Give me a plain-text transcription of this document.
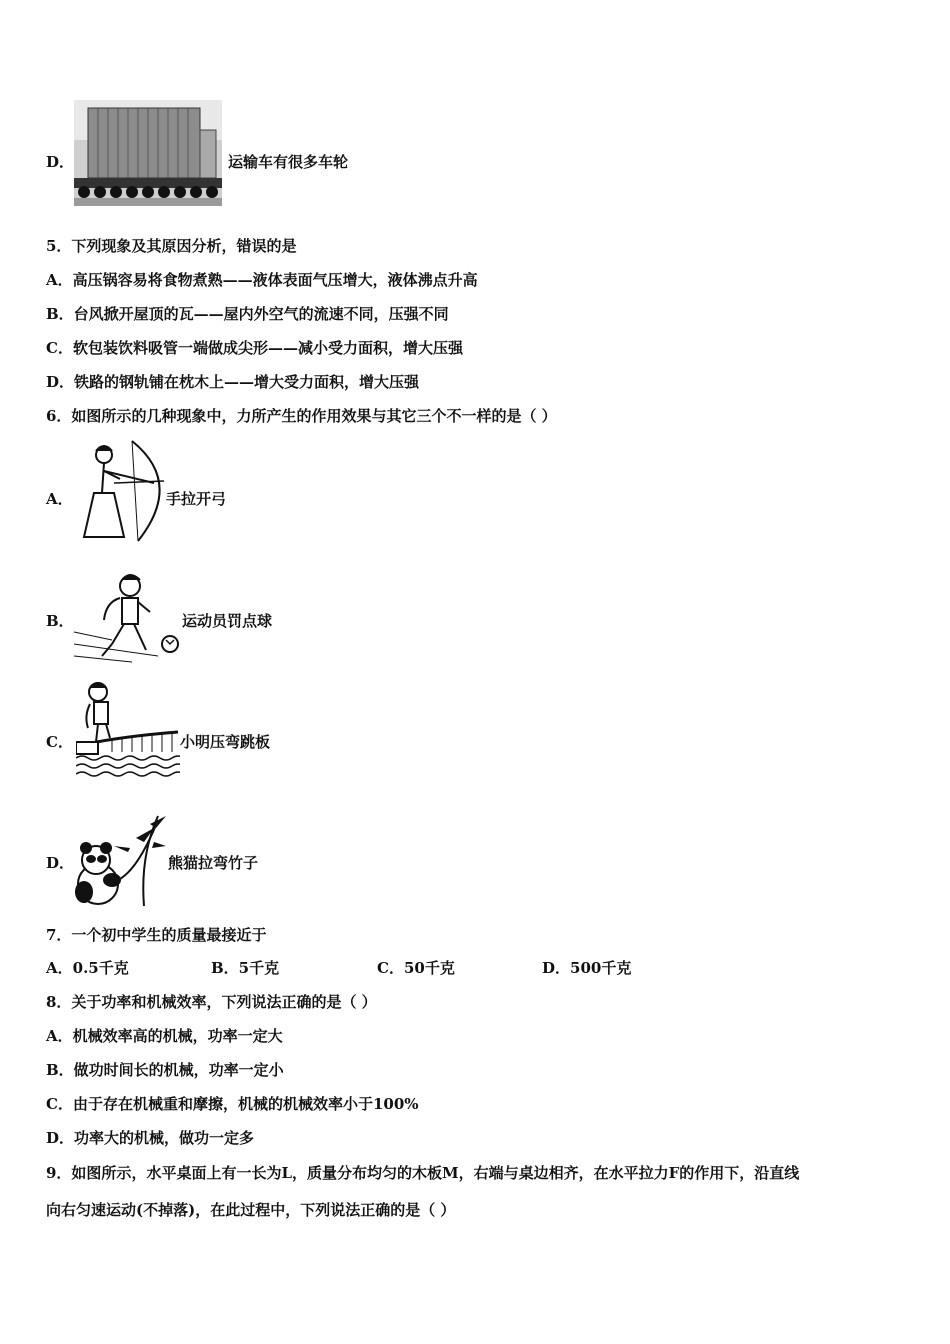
D．	运输车有很多车轮
5．下列现象及其原因分析，错误的是
A．高压锅容易将食物煮熟——液体表面气压增大，液体沸点升高
B．台风掀开屋顶的瓦——屋内外空气的流速不同，压强不同
C．软包装饮料吸管一端做成尖形——减小受力面积，增大压强
D．铁路的钢轨铺在枕木上——增大受力面积，增大压强
6．如图所示的几种现象中，力所产生的作用效果与其它三个不一样的是（ ）
A．	手拉开弓
B．	运动员罚点球
C．	小明压弯跳板
D．	熊猫拉弯竹子
7．一个初中学生的质量最接近于
A．0.5千克	B．5千克	C．50千克	D．500千克
8．关于功率和机械效率，下列说法正确的是（ ）
A．机械效率高的机械，功率一定大
B．做功时间长的机械，功率一定小
C．由于存在机械重和摩擦，机械的机械效率小于100%
D．功率大的机械，做功一定多
9．如图所示，水平桌面上有一长为L，质量分布均匀的木板M，右端与桌边相齐，在水平拉力F的作用下，沿直线
向右匀速运动(不掉落)，在此过程中，下列说法正确的是（ ）
